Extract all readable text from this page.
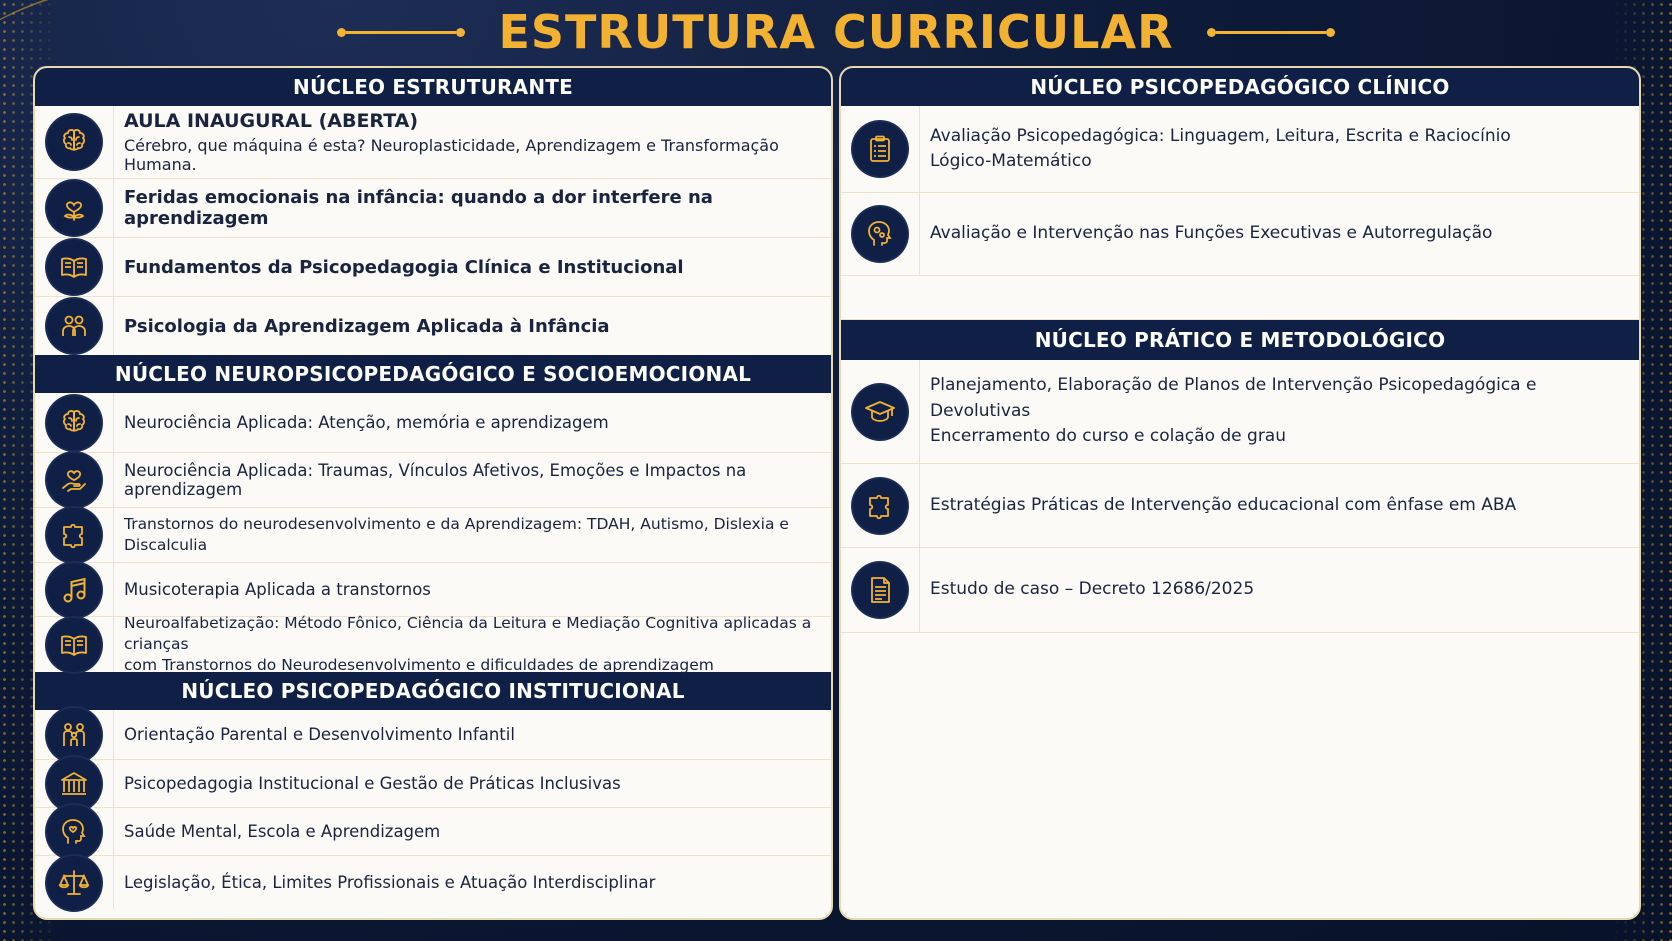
ESTRUTURA CURRICULAR
NÚCLEO ESTRUTURANTE
AULA INAUGURAL (ABERTA)
Cérebro, que máquina é esta? Neuroplasticidade, Aprendizagem e Transformação Humana.
Feridas emocionais na infância: quando a dor interfere na aprendizagem
Fundamentos da Psicopedagogia Clínica e Institucional
Psicologia da Aprendizagem Aplicada à Infância
NÚCLEO NEUROPSICOPEDAGÓGICO E SOCIOEMOCIONAL
Neurociência Aplicada: Atenção, memória e aprendizagem
Neurociência Aplicada: Traumas, Vínculos Afetivos, Emoções e Impactos na aprendizagem
Transtornos do neurodesenvolvimento e da Aprendizagem: TDAH, Autismo, Dislexia e Discalculia
Musicoterapia Aplicada a transtornos
Neuroalfabetização: Método Fônico, Ciência da Leitura e Mediação Cognitiva aplicadas a crianças
com Transtornos do Neurodesenvolvimento e dificuldades de aprendizagem
NÚCLEO PSICOPEDAGÓGICO INSTITUCIONAL
Orientação Parental e Desenvolvimento Infantil
Psicopedagogia Institucional e Gestão de Práticas Inclusivas
Saúde Mental, Escola e Aprendizagem
Legislação, Ética, Limites Profissionais e Atuação Interdisciplinar
NÚCLEO PSICOPEDAGÓGICO CLÍNICO
Avaliação Psicopedagógica: Linguagem, Leitura, Escrita e Raciocínio
Lógico-Matemático
Avaliação e Intervenção nas Funções Executivas e Autorregulação
NÚCLEO PRÁTICO E METODOLÓGICO
Planejamento, Elaboração de Planos de Intervenção Psicopedagógica e Devolutivas
Encerramento do curso e colação de grau
Estratégias Práticas de Intervenção educacional com ênfase em ABA
Estudo de caso – Decreto 12686/2025
